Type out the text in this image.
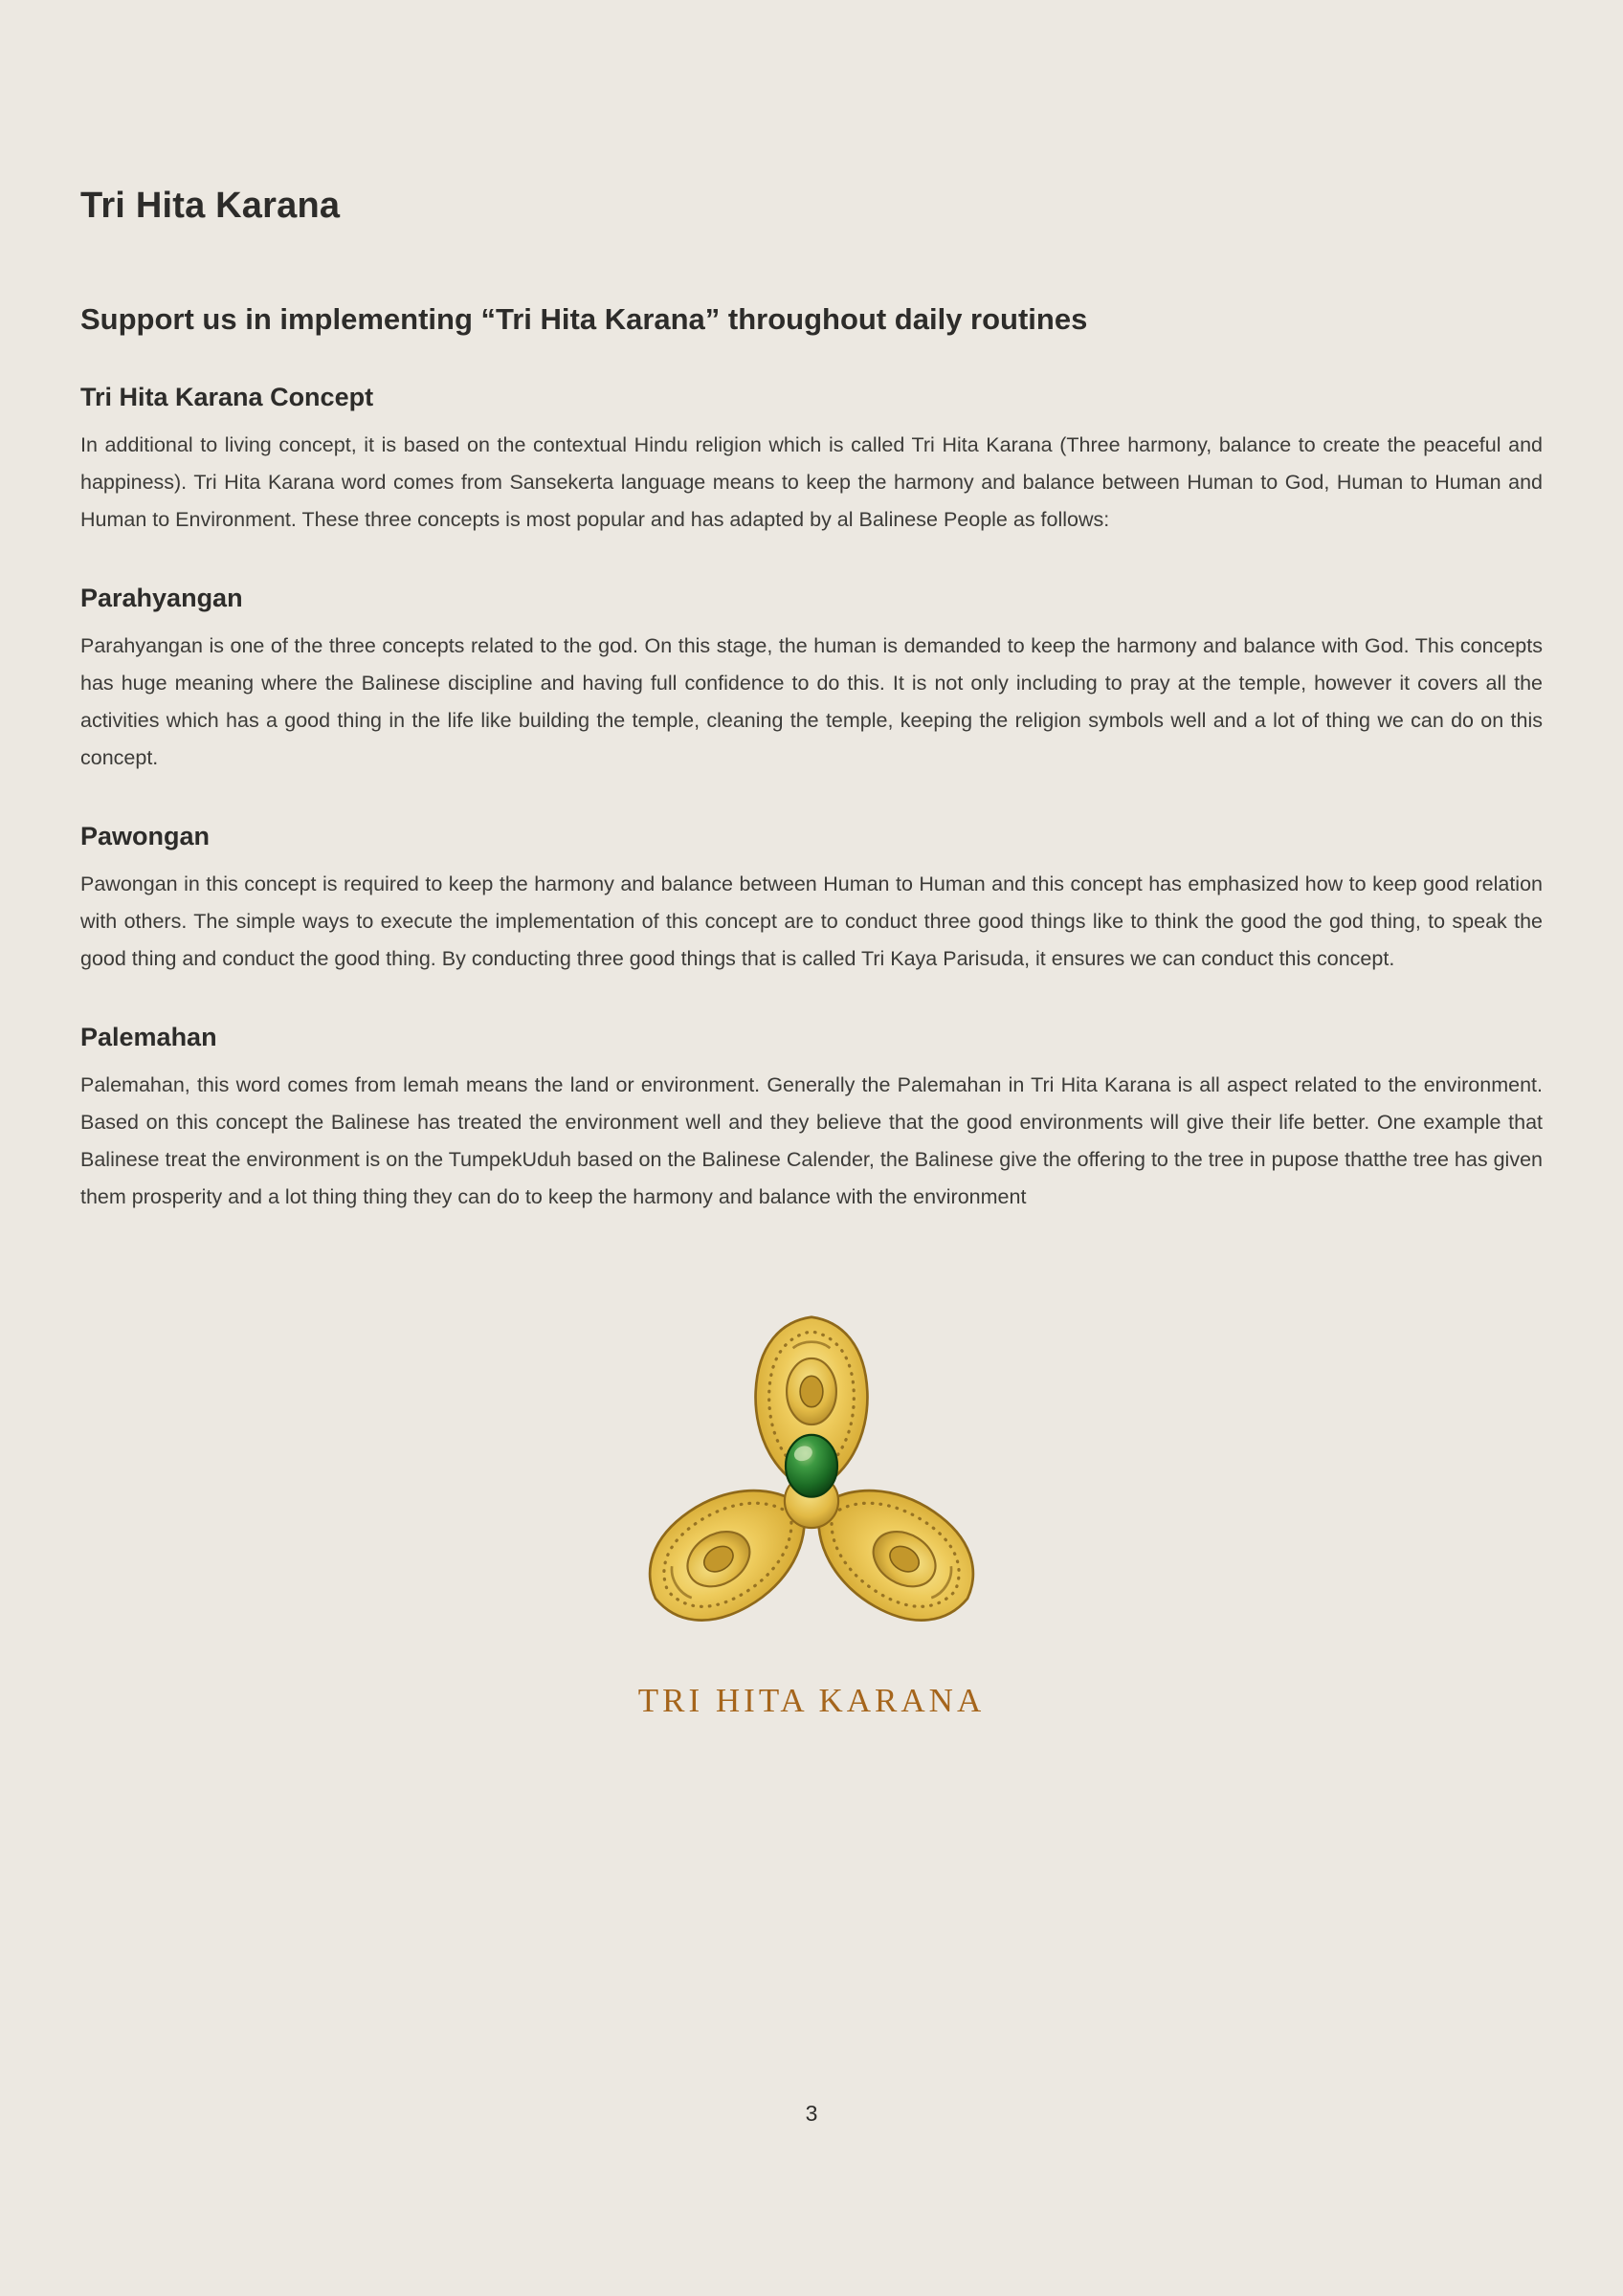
Tri Hita Karana
Support us in implementing “Tri Hita Karana” throughout daily routines
Tri Hita Karana Concept

In additional to living concept, it is based on the contextual Hindu religion which is called Tri Hita Karana (Three harmony, balance to create the peaceful and happiness). Tri Hita Karana word comes from Sansekerta language means to keep the harmony and balance between Human to God, Human to Human and Human to Environment. These three concepts is most popular and has adapted by al Balinese People as follows:

Parahyangan

Parahyangan is one of the three concepts related to the god. On this stage, the human is demanded to keep the harmony and balance with God. This concepts has huge meaning where the Balinese discipline and having full confidence to do this. It is not only including to pray at the temple, however it covers all the activities which has a good thing in the life like building the temple, cleaning the temple, keeping the religion symbols well and a lot of thing we can do on this concept.

Pawongan

Pawongan in this concept is required to keep the harmony and balance between Human to Human and this concept has emphasized how to keep good relation with others. The simple ways to execute the implementation of this concept are to conduct three good things like to think the good the god thing, to speak the good thing and conduct the good thing. By conducting three good things that is called Tri Kaya Parisuda, it ensures we can conduct this concept.

Palemahan

Palemahan, this word comes from lemah means the land or environment. Generally the Palemahan in Tri Hita Karana is all aspect related to the environment. Based on this concept the Balinese has treated the environment well and they believe that the good environments will give their life better. One example that Balinese treat the environment is on the TumpekUduh based on the Balinese Calender, the Balinese give the offering to the tree in pupose thatthe tree has given them prosperity and a lot thing thing they can do to keep the harmony and balance with the environment

TRI HITA KARANA
3
